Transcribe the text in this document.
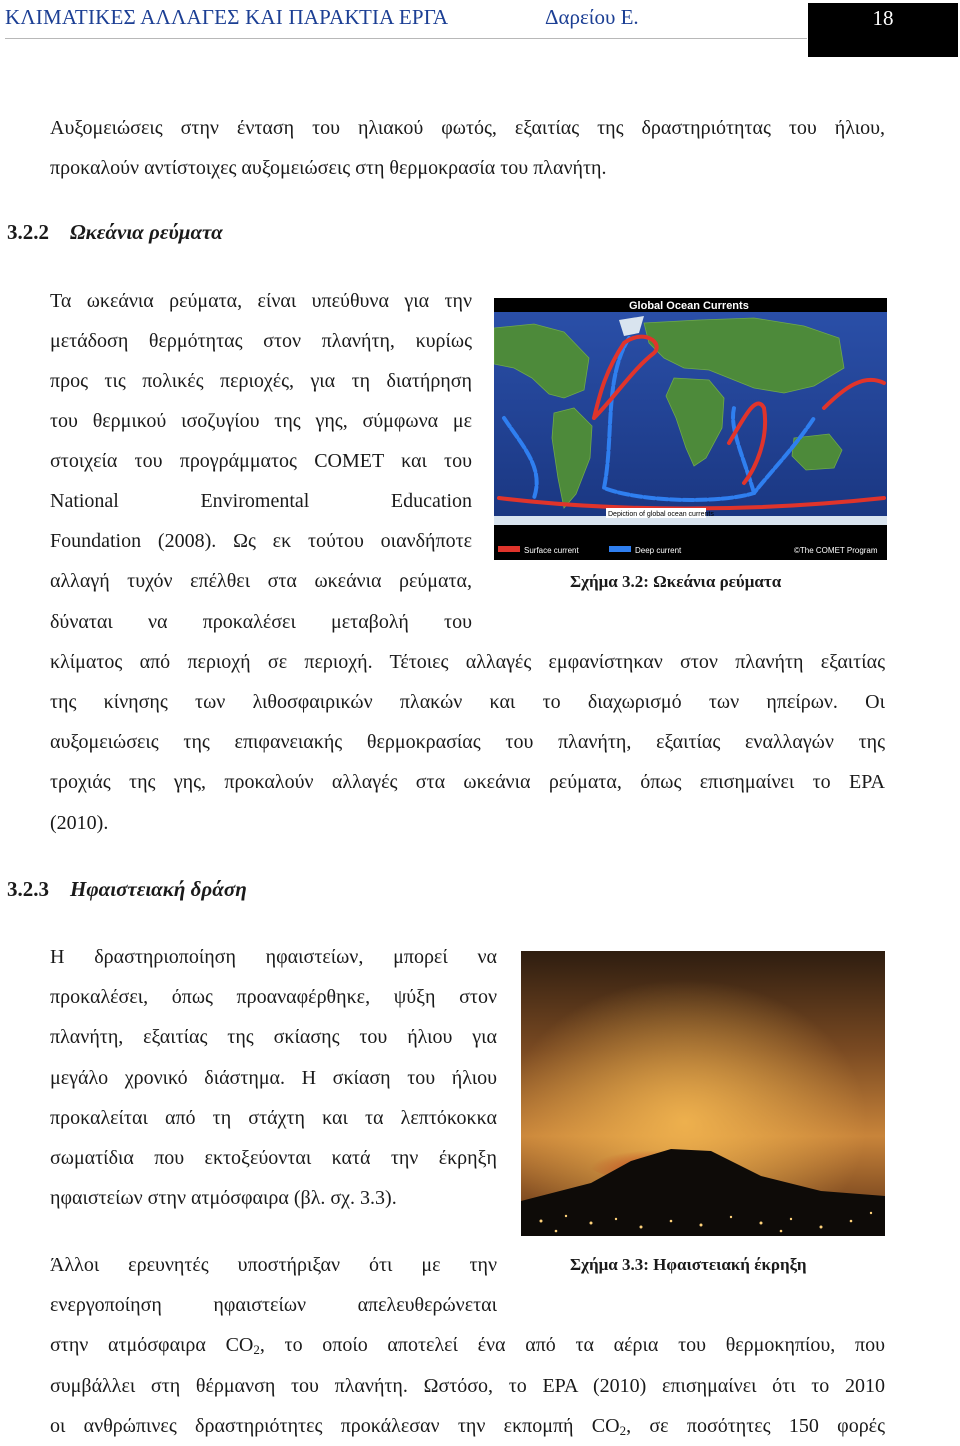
ΚΛΙΜΑΤΙΚΕΣ ΑΛΛΑΓΕΣ ΚΑΙ ΠΑΡΑΚΤΙΑ ΕΡΓΑ	Δαρείου Ε.	18
Αυξομειώσεις στην ένταση του ηλιακού φωτός, εξαιτίας της δραστηριότητας του ήλιου,
προκαλούν αντίστοιχες αυξομειώσεις στη θερμοκρασία του πλανήτη.
3.2.2 Ωκεάνια ρεύματα
Τα ωκεάνια ρεύματα, είναι υπεύθυνα για την
μετάδοση θερμότητας στον πλανήτη, κυρίως
προς τις πολικές περιοχές, για τη διατήρηση
του θερμικού ισοζυγίου της γης, σύμφωνα με
στοιχεία του προγράμματος COMET και του
National Enviromental Education
Foundation (2008). Ως εκ τούτου οιανδήποτε
αλλαγή τυχόν επέλθει στα ωκεάνια ρεύματα,
δύναται να προκαλέσει μεταβολή του
Global Ocean Currents
Depiction of global ocean currents
Surface current	Deep current	©The COMET Program
Σχήμα 3.2: Ωκεάνια ρεύματα
κλίματος από περιοχή σε περιοχή. Τέτοιες αλλαγές εμφανίστηκαν στον πλανήτη εξαιτίας
της κίνησης των λιθοσφαιρικών πλακών και το διαχωρισμό των ηπείρων. Οι
αυξομειώσεις της επιφανειακής θερμοκρασίας του πλανήτη, εξαιτίας εναλλαγών της
τροχιάς της γης, προκαλούν αλλαγές στα ωκεάνια ρεύματα, όπως επισημαίνει το EPA
(2010).
3.2.3 Ηφαιστειακή δράση
Η δραστηριοποίηση ηφαιστείων, μπορεί να
προκαλέσει, όπως προαναφέρθηκε, ψύξη στον
πλανήτη, εξαιτίας της σκίασης του ήλιου για
μεγάλο χρονικό διάστημα. Η σκίαση του ήλιου
προκαλείται από τη στάχτη και τα λεπτόκοκκα
σωματίδια που εκτοξεύονται κατά την έκρηξη
ηφαιστείων στην ατμόσφαιρα (βλ. σχ. 3.3).
Άλλοι ερευνητές υποστήριξαν ότι με την
ενεργοποίηση ηφαιστείων απελευθερώνεται
Σχήμα 3.3: Ηφαιστειακή έκρηξη
στην ατμόσφαιρα $CO_2$, το οποίο αποτελεί ένα από τα αέρια του θερμοκηπίου, που
συμβάλλει στη θέρμανση του πλανήτη. Ωστόσο, το EPA (2010) επισημαίνει ότι το 2010
οι ανθρώπινες δραστηριότητες προκάλεσαν την εκπομπή $CO_2$, σε ποσότητες 150 φορές
